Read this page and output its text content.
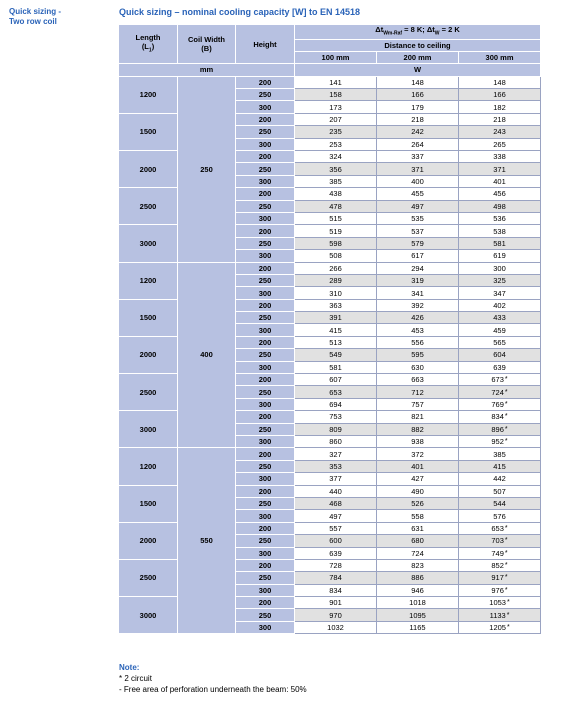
Quick sizing -
Two row coil
Quick sizing – nominal cooling capacity [W] to EN 14518
Length
$(L_1)$	Coil Width
(B)	Height	$\Delta t_{Wm-Raf} = 8$ K; $\Delta t_W = 2$ K		
			Distance to ceiling		
			100 mm	200 mm	300 mm
mm			W		
1200	250	200	141	148	148
		250	158	166	166
		300	173	179	182
1500		200	207	218	218
		250	235	242	243
		300	253	264	265
2000		200	324	337	338
		250	356	371	371
		300	385	400	401
2500		200	438	455	456
		250	478	497	498
		300	515	535	536
3000		200	519	537	538
		250	598	579	581
		300	508	617	619
1200	400	200	266	294	300
		250	289	319	325
		300	310	341	347
1500		200	363	392	402
		250	391	426	433
		300	415	453	459
2000		200	513	556	565
		250	549	595	604
		300	581	630	639
2500		200	607	663	673*
		250	653	712	724*
		300	694	757	769*
3000		200	753	821	834*
		250	809	882	896*
		300	860	938	952*
1200	550	200	327	372	385
		250	353	401	415
		300	377	427	442
1500		200	440	490	507
		250	468	526	544
		300	497	558	576
2000		200	557	631	653*
		250	600	680	703*
		300	639	724	749*
2500		200	728	823	852*
		250	784	886	917*
		300	834	946	976*
3000		200	901	1018	1053*
		250	970	1095	1133*
		300	1032	1165	1205*
Note:
* 2 circuit
- Free area of perforation underneath the beam: 50%
